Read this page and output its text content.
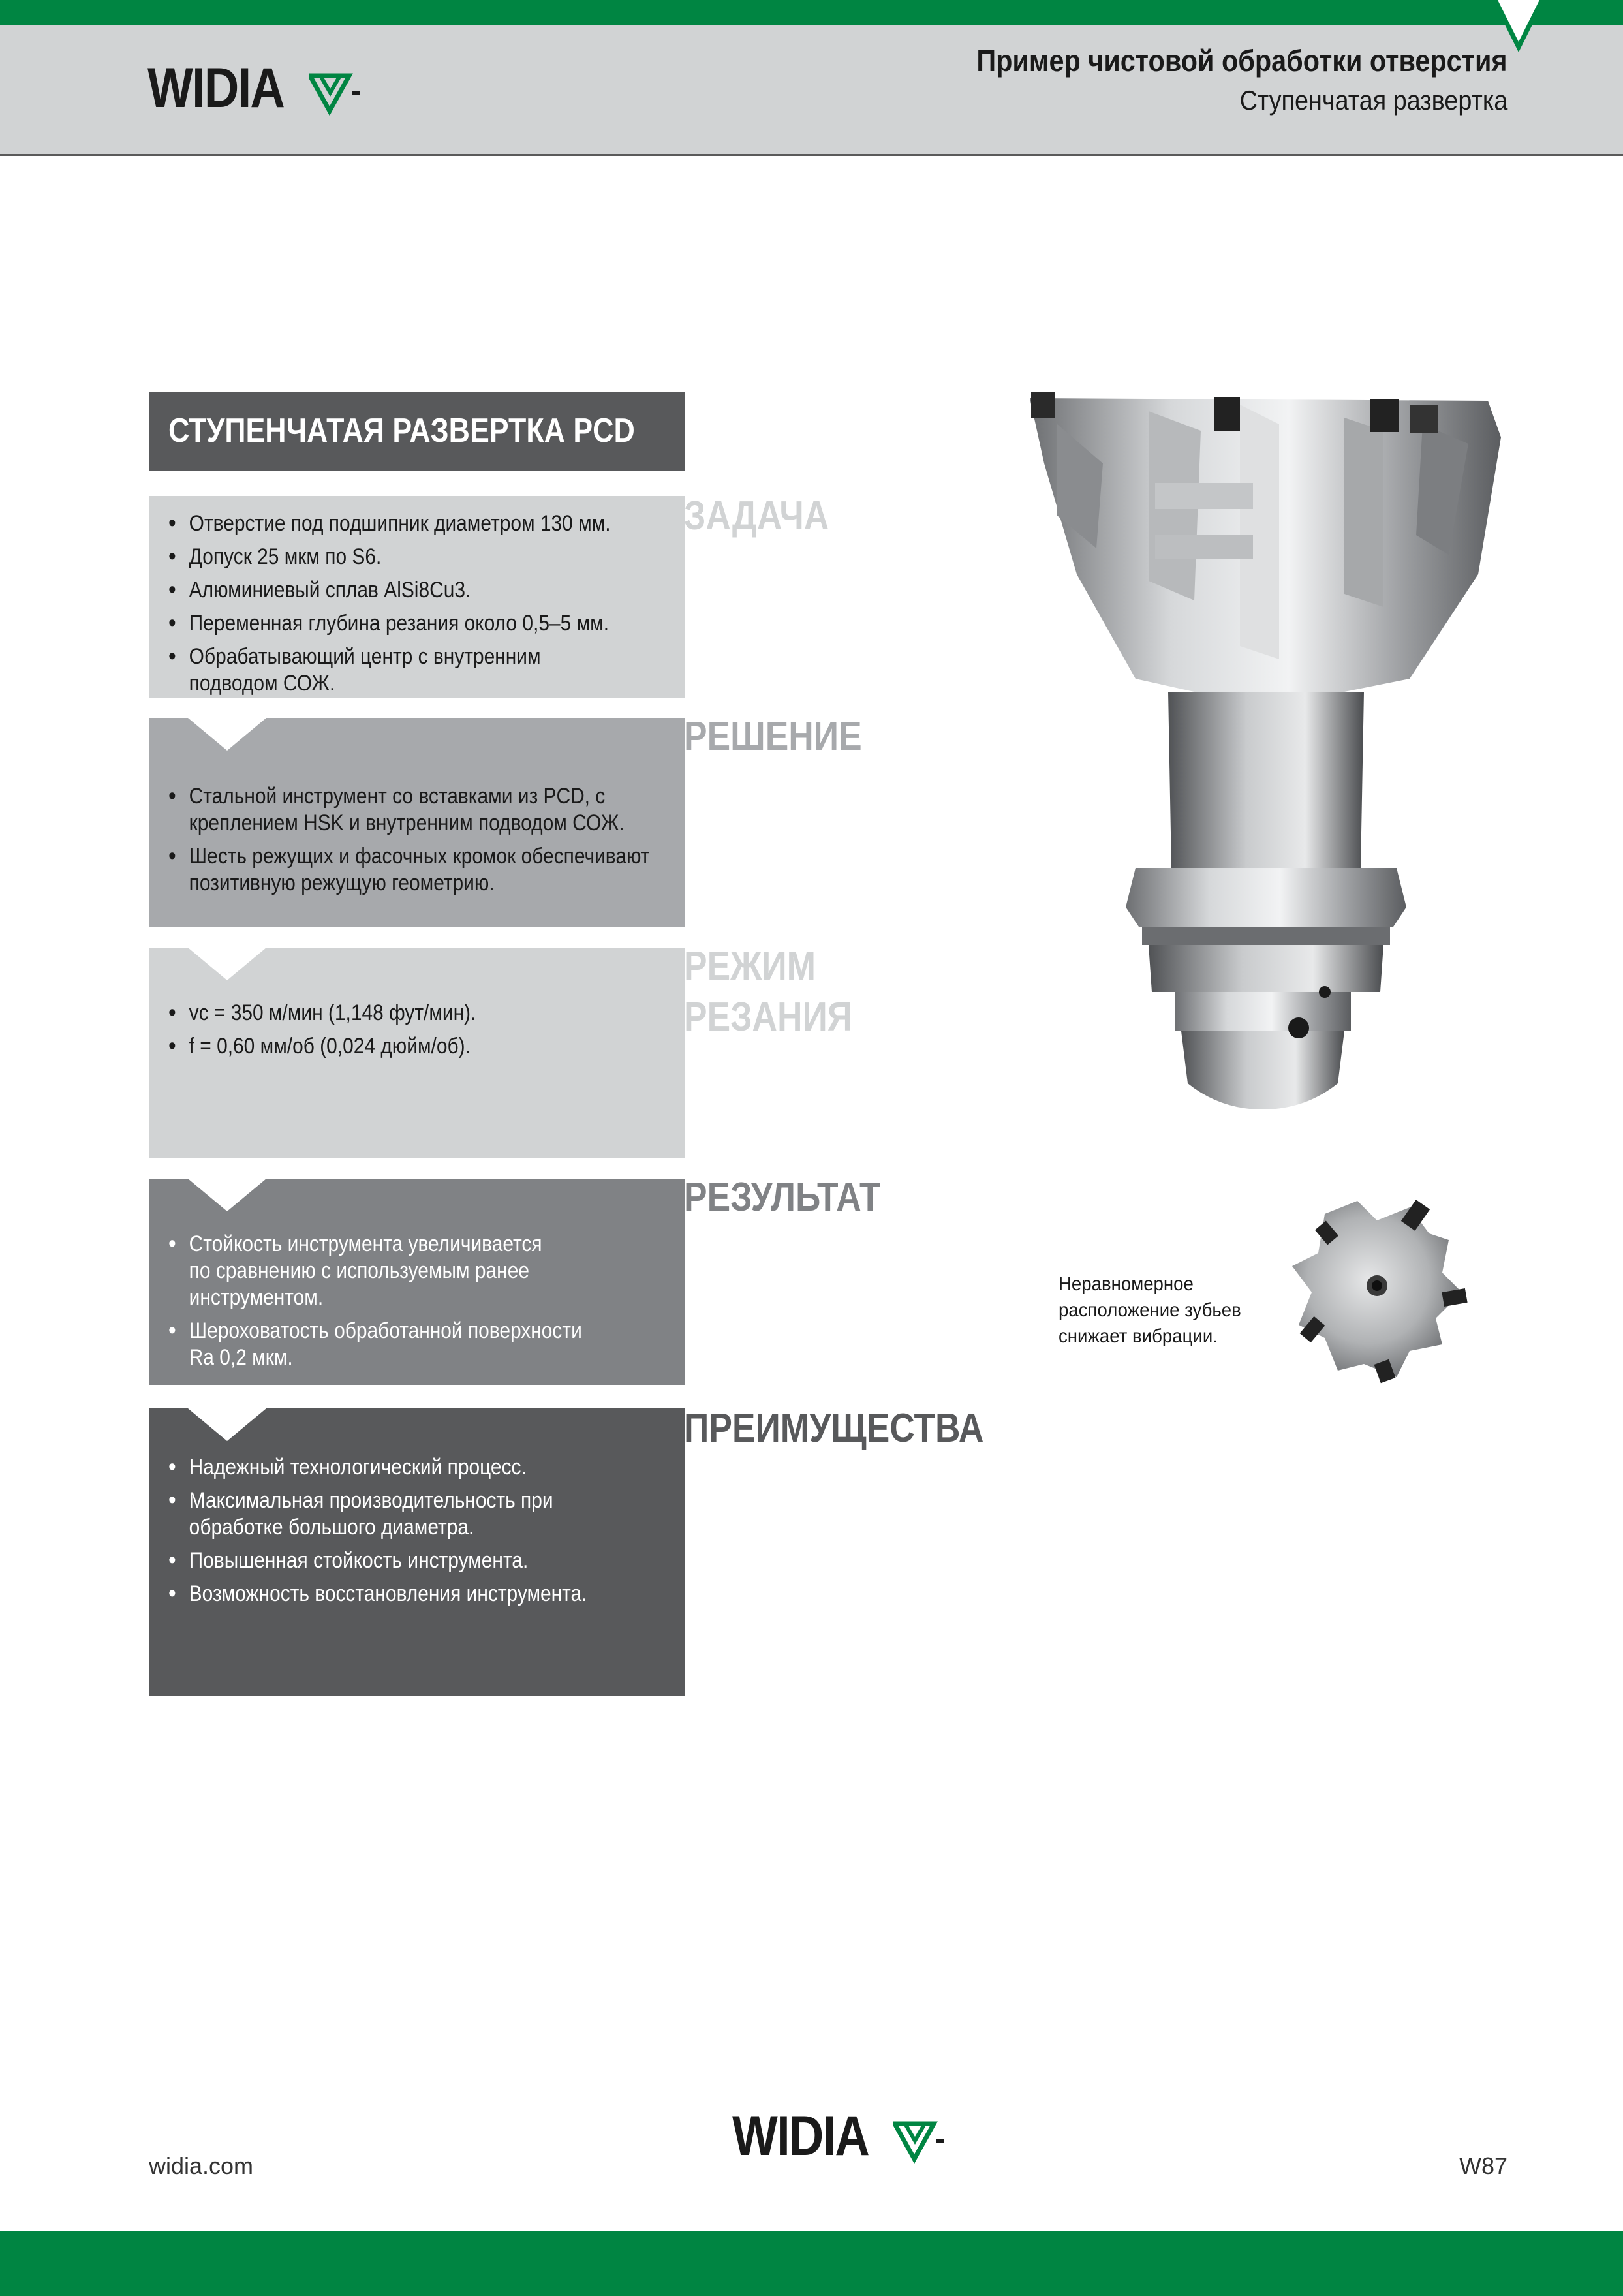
WIDIA	Пример чистовой обработки отверстия
Ступенчатая развертка
СТУПЕНЧАТАЯ РАЗВЕРТКА PCD
• Отверстие под подшипник диаметром 130 мм.
• Допуск 25 мкм по S6.
• Алюминиевый сплав AlSi8Cu3.
• Переменная глубина резания около 0,5–5 мм.
• Обрабатывающий центр с внутренним
подводом СОЖ.
ЗАДАЧА
• Стальной инструмент со вставками из PCD, с
креплением HSK и внутренним подводом СОЖ.
• Шесть режущих и фасочных кромок обеспечивают
позитивную режущую геометрию.
РЕШЕНИЕ
• vc = 350 м/мин (1,148 фут/мин).
• f = 0,60 мм/об (0,024 дюйм/об).
РЕЖИМ
РЕЗАНИЯ
• Стойкость инструмента увеличивается
по сравнению с используемым ранее
инструментом.
• Шероховатость обработанной поверхности
Ra 0,2 мкм.
РЕЗУЛЬТАТ
• Надежный технологический процесс.
• Максимальная производительность при
обработке большого диаметра.
• Повышенная стойкость инструмента.
• Возможность восстановления инструмента.
ПРЕИМУЩЕСТВА
Неравномерное
расположение зубьев
снижает вибрации.
WIDIA
widia.com	W87
